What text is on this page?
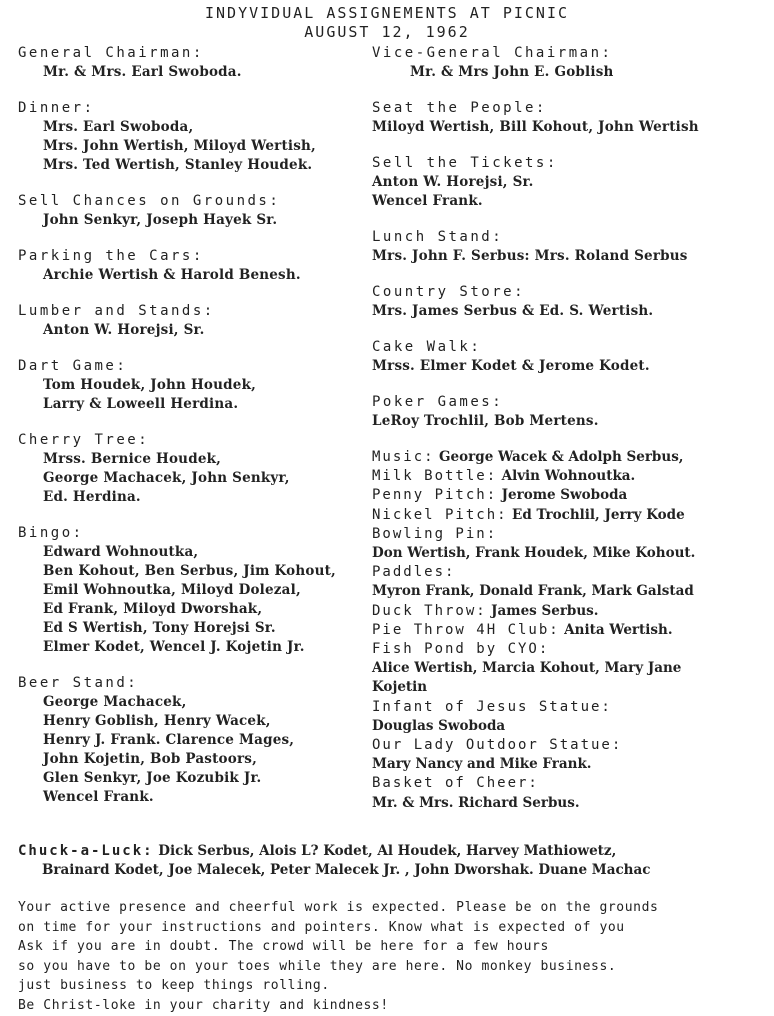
INDYVIDUAL ASSIGNEMENTS AT PICNIC
AUGUST 12, 1962
General Chairman:
Mr. & Mrs. Earl Swoboda.
Dinner:
Mrs. Earl Swoboda,
Mrs. John Wertish, Miloyd Wertish,
Mrs. Ted Wertish, Stanley Houdek.
Sell Chances on Grounds:
John Senkyr, Joseph Hayek Sr.
Parking the Cars:
Archie Wertish & Harold Benesh.
Lumber and Stands:
Anton W. Horejsi, Sr.
Dart Game:
Tom Houdek, John Houdek,
Larry & Loweell Herdina.
Cherry Tree:
Mrss. Bernice Houdek,
George Machacek, John Senkyr,
Ed. Herdina.
Bingo:
Edward Wohnoutka,
Ben Kohout, Ben Serbus, Jim Kohout,
Emil Wohnoutka, Miloyd Dolezal,
Ed Frank, Miloyd Dworshak,
Ed S Wertish, Tony Horejsi Sr.
Elmer Kodet, Wencel J. Kojetin Jr.
Beer Stand:
George Machacek,
Henry Goblish, Henry Wacek,
Henry J. Frank. Clarence Mages,
John Kojetin, Bob Pastoors,
Glen Senkyr, Joe Kozubik Jr.
Wencel Frank.
Vice-General Chairman:
Mr. & Mrs John E. Goblish
Seat the People:
Miloyd Wertish, Bill Kohout, John Wertish
Sell the Tickets:
Anton W. Horejsi, Sr.
Wencel Frank.
Lunch Stand:
Mrs. John F. Serbus: Mrs. Roland Serbus
Country Store:
Mrs. James Serbus & Ed. S. Wertish.
Cake Walk:
Mrss. Elmer Kodet & Jerome Kodet.
Poker Games:
LeRoy Trochlil, Bob Mertens.
Music: George Wacek & Adolph Serbus,
Milk Bottle: Alvin Wohnoutka.
Penny Pitch: Jerome Swoboda
Nickel Pitch: Ed Trochlil, Jerry Kode
Bowling Pin:
Don Wertish, Frank Houdek, Mike Kohout.
Paddles:
Myron Frank, Donald Frank, Mark Galstad
Duck Throw: James Serbus.
Pie Throw 4H Club: Anita Wertish.
Fish Pond by CYO:
Alice Wertish, Marcia Kohout, Mary Jane
Kojetin
Infant of Jesus Statue:
Douglas Swoboda
Our Lady Outdoor Statue:
Mary Nancy and Mike Frank.
Basket of Cheer:
Mr. & Mrs. Richard Serbus.
Chuck-a-Luck: Dick Serbus, Alois L? Kodet, Al Houdek, Harvey Mathiowetz,
Brainard Kodet, Joe Malecek, Peter Malecek Jr. , John Dworshak. Duane Machac
Your active presence and cheerful work is expected. Please be on the grounds
on time for your instructions and pointers. Know what is expected of you
Ask if you are in doubt. The crowd will be here for a few hours
so you have to be on your toes while they are here. No monkey business.
just business to keep things rolling.
Be Christ-loke in your charity and kindness!
